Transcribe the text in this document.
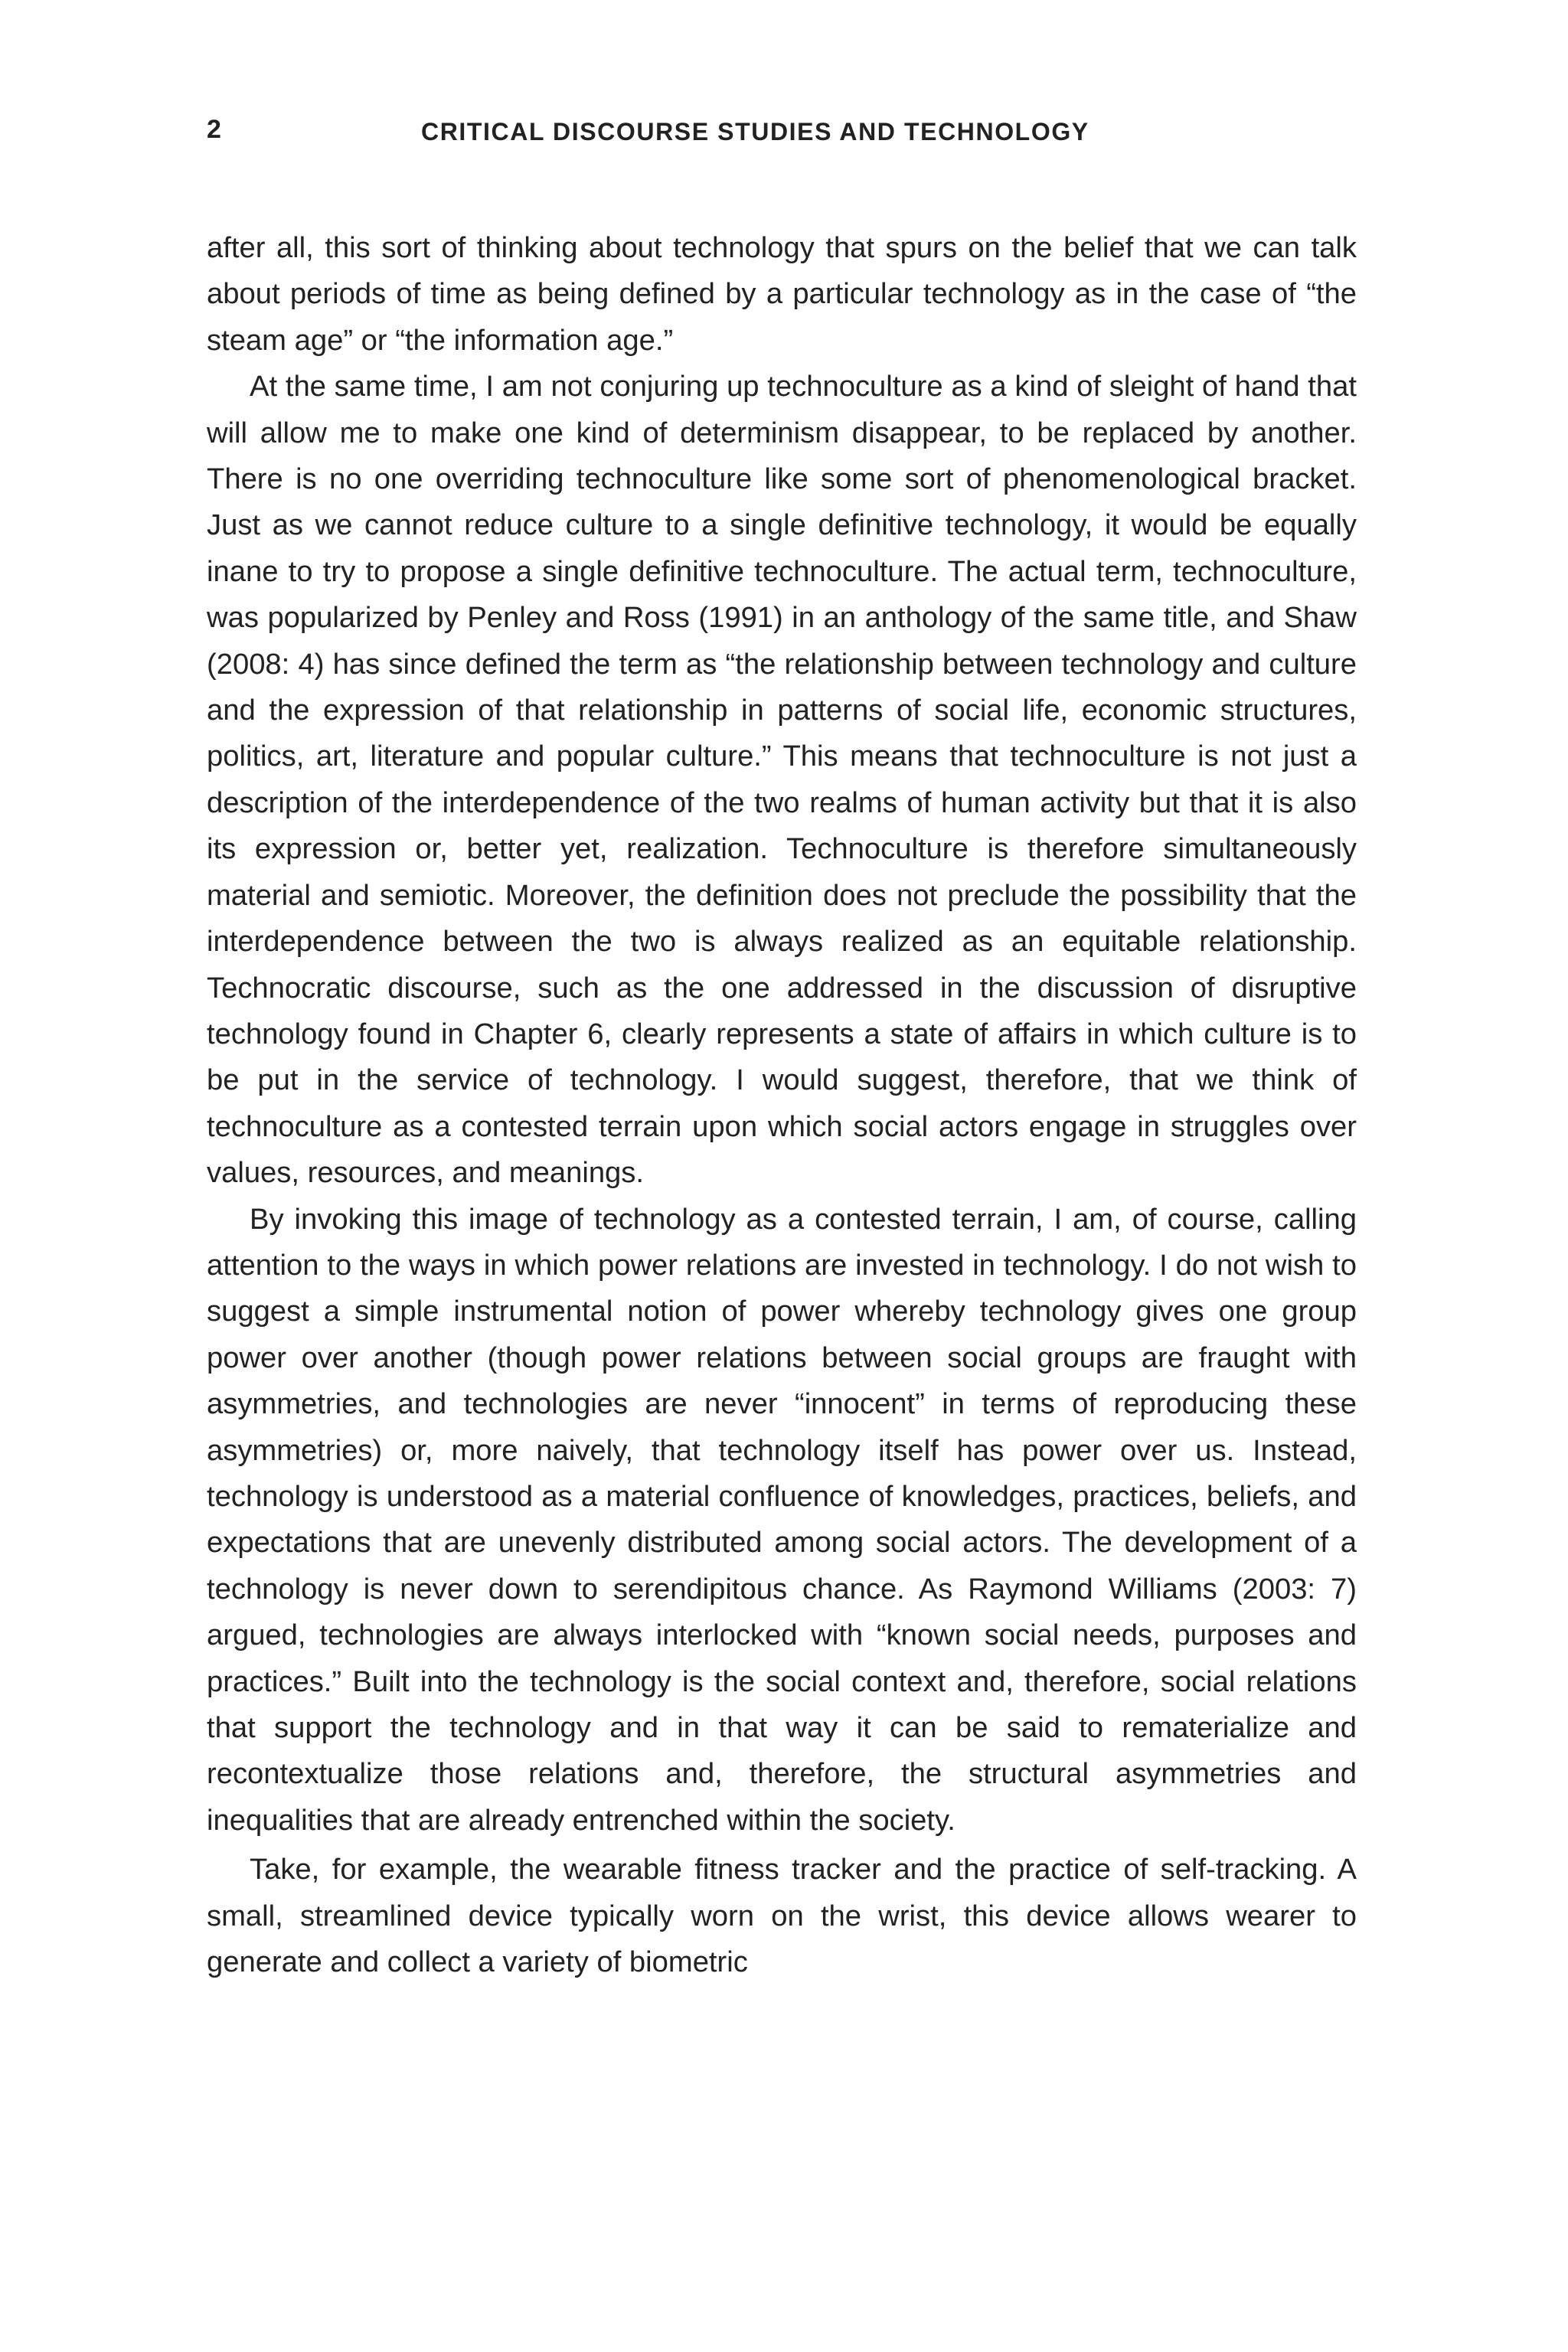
2	CRITICAL DISCOURSE STUDIES AND TECHNOLOGY

after all, this sort of thinking about technology that spurs on the belief that we can talk about periods of time as being defined by a particular technology as in the case of “the steam age” or “the information age.”

At the same time, I am not conjuring up technoculture as a kind of sleight of hand that will allow me to make one kind of determinism disappear, to be replaced by another. There is no one overriding technoculture like some sort of phenomenological bracket. Just as we cannot reduce culture to a single definitive technology, it would be equally inane to try to propose a single definitive technoculture. The actual term, technoculture, was popularized by Penley and Ross (1991) in an anthology of the same title, and Shaw (2008: 4) has since defined the term as “the relationship between technology and culture and the expression of that relationship in patterns of social life, economic structures, politics, art, literature and popular culture.” This means that technoculture is not just a description of the interdependence of the two realms of human activity but that it is also its expression or, better yet, realization. Technoculture is therefore simultaneously material and semiotic. Moreover, the definition does not preclude the possibility that the interdependence between the two is always realized as an equitable relationship. Technocratic discourse, such as the one addressed in the discussion of disruptive technology found in Chapter 6, clearly represents a state of affairs in which culture is to be put in the service of technology. I would suggest, therefore, that we think of technoculture as a contested terrain upon which social actors engage in struggles over values, resources, and meanings.

By invoking this image of technology as a contested terrain, I am, of course, calling attention to the ways in which power relations are invested in technology. I do not wish to suggest a simple instrumental notion of power whereby technology gives one group power over another (though power relations between social groups are fraught with asymmetries, and technologies are never “innocent” in terms of reproducing these asymmetries) or, more naively, that technology itself has power over us. Instead, technology is understood as a material confluence of knowledges, practices, beliefs, and expectations that are unevenly distributed among social actors. The development of a technology is never down to serendipitous chance. As Raymond Williams (2003: 7) argued, technologies are always interlocked with “known social needs, purposes and practices.” Built into the technology is the social context and, therefore, social relations that support the technology and in that way it can be said to rematerialize and recontextualize those relations and, therefore, the structural asymmetries and inequalities that are already entrenched within the society.

Take, for example, the wearable fitness tracker and the practice of self-tracking. A small, streamlined device typically worn on the wrist, this device allows wearer to generate and collect a variety of biometric
